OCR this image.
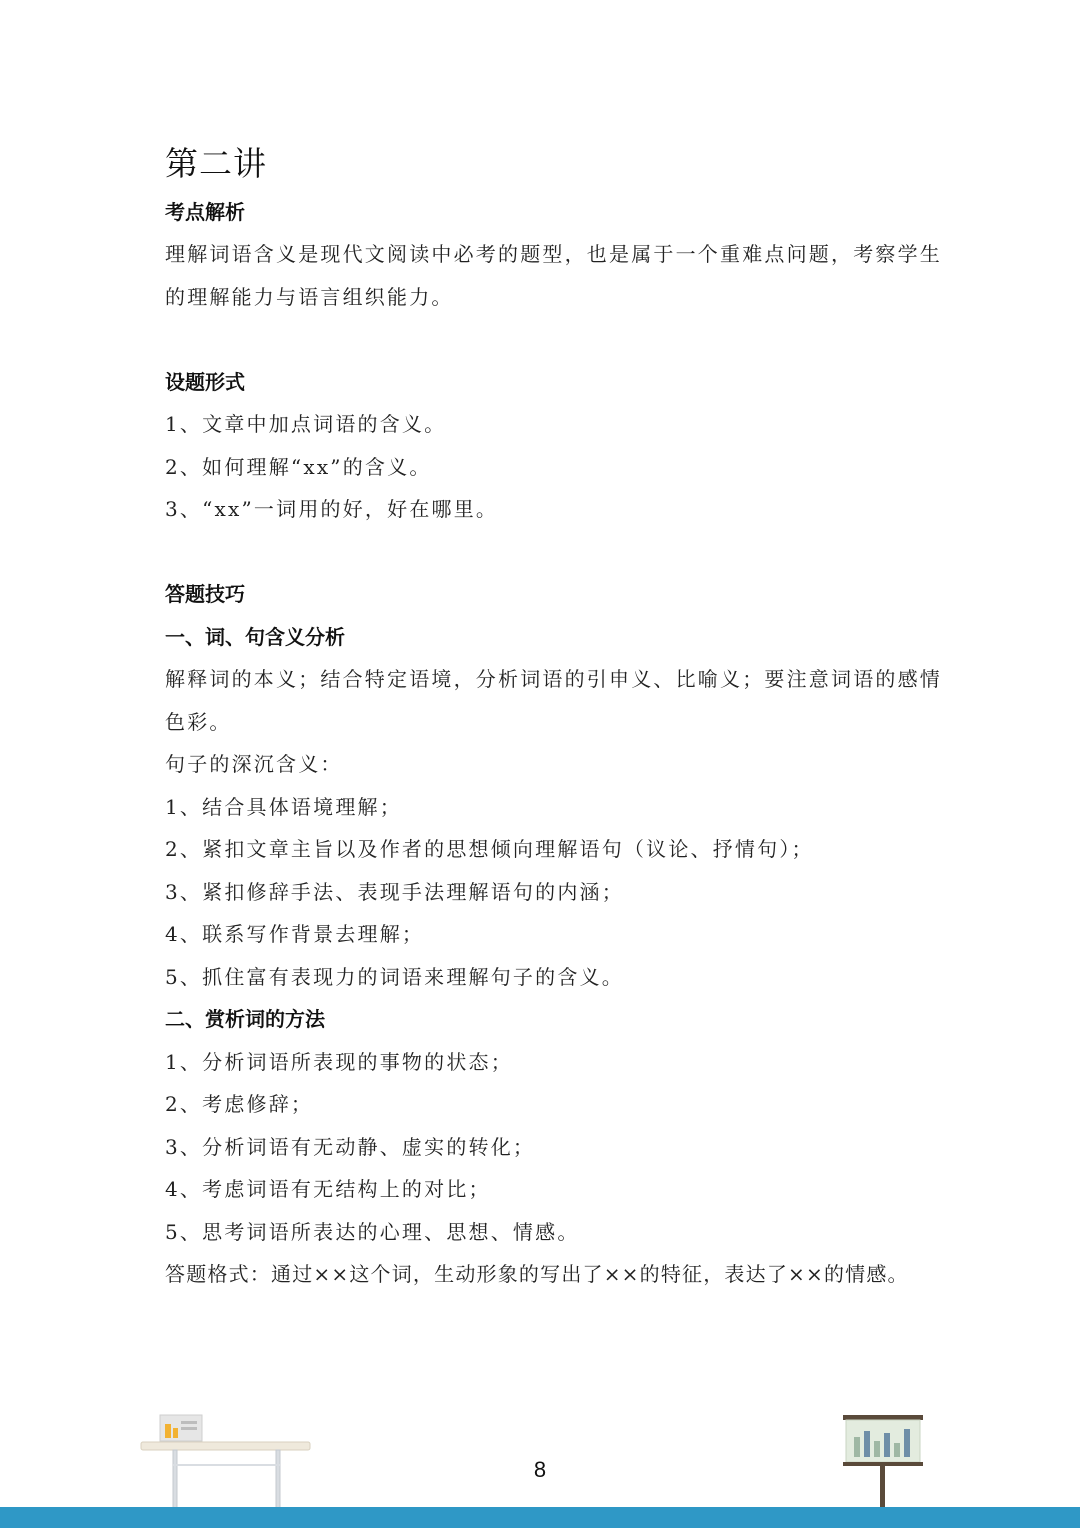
第二讲
考点解析
理解词语含义是现代文阅读中必考的题型，也是属于一个重难点问题，考察学生
的理解能力与语言组织能力。
设题形式
1、文章中加点词语的含义。
2、如何理解“xx”的含义。
3、“xx”一词用的好，好在哪里。
答题技巧
一、词、句含义分析
解释词的本义；结合特定语境，分析词语的引申义、比喻义；要注意词语的感情
色彩。
句子的深沉含义：
1、结合具体语境理解；
2、紧扣文章主旨以及作者的思想倾向理解语句（议论、抒情句）；
3、紧扣修辞手法、表现手法理解语句的内涵；
4、联系写作背景去理解；
5、抓住富有表现力的词语来理解句子的含义。
二、赏析词的方法
1、分析词语所表现的事物的状态；
2、考虑修辞；
3、分析词语有无动静、虚实的转化；
4、考虑词语有无结构上的对比；
5、思考词语所表达的心理、思想、情感。
答题格式：通过××这个词，生动形象的写出了××的特征，表达了××的情感。
8
